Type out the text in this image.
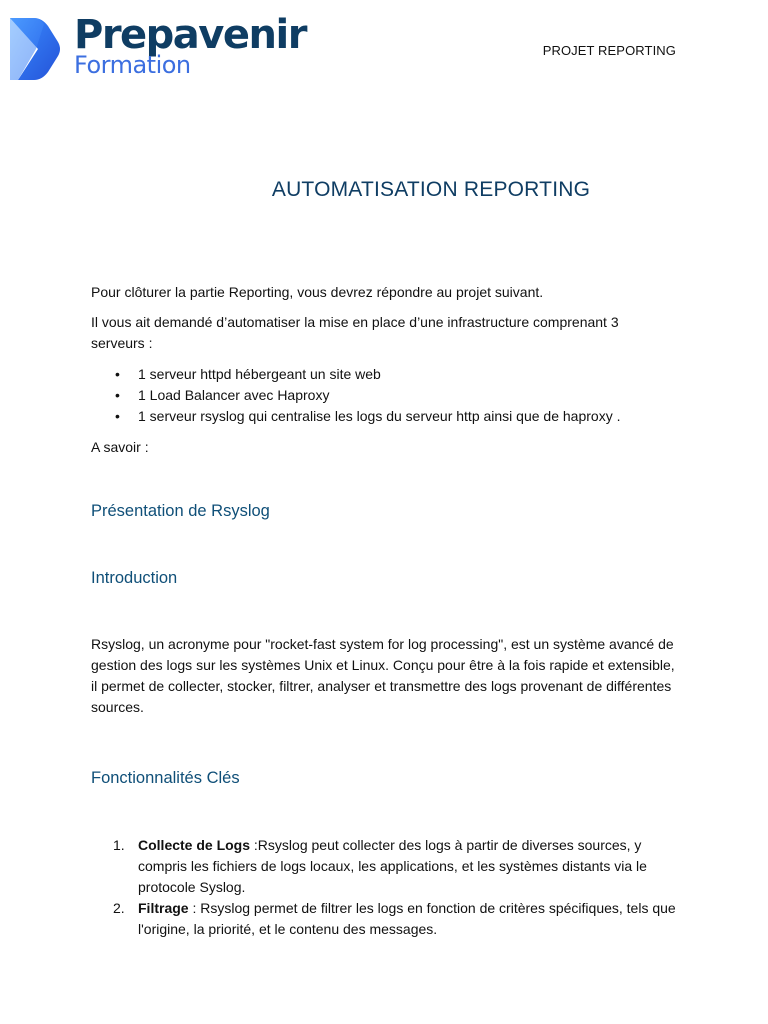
Prepavenir
Formation
PROJET REPORTING
AUTOMATISATION REPORTING

Pour clôturer la partie Reporting, vous devrez répondre au projet suivant.

Il vous ait demandé d’automatiser la mise en place d’une infrastructure comprenant 3 serveurs :

• 1 serveur httpd hébergeant un site web
• 1 Load Balancer avec Haproxy
• 1 serveur rsyslog qui centralise les logs du serveur http ainsi que de haproxy .

A savoir :

Présentation de Rsyslog
Introduction

Rsyslog, un acronyme pour "rocket-fast system for log processing", est un système avancé de gestion des logs sur les systèmes Unix et Linux. Conçu pour être à la fois rapide et extensible, il permet de collecter, stocker, filtrer, analyser et transmettre des logs provenant de différentes sources.

Fonctionnalités Clés
1. Collecte de Logs :Rsyslog peut collecter des logs à partir de diverses sources, y compris les fichiers de logs locaux, les applications, et les systèmes distants via le protocole Syslog.
2. Filtrage : Rsyslog permet de filtrer les logs en fonction de critères spécifiques, tels que l'origine, la priorité, et le contenu des messages.
